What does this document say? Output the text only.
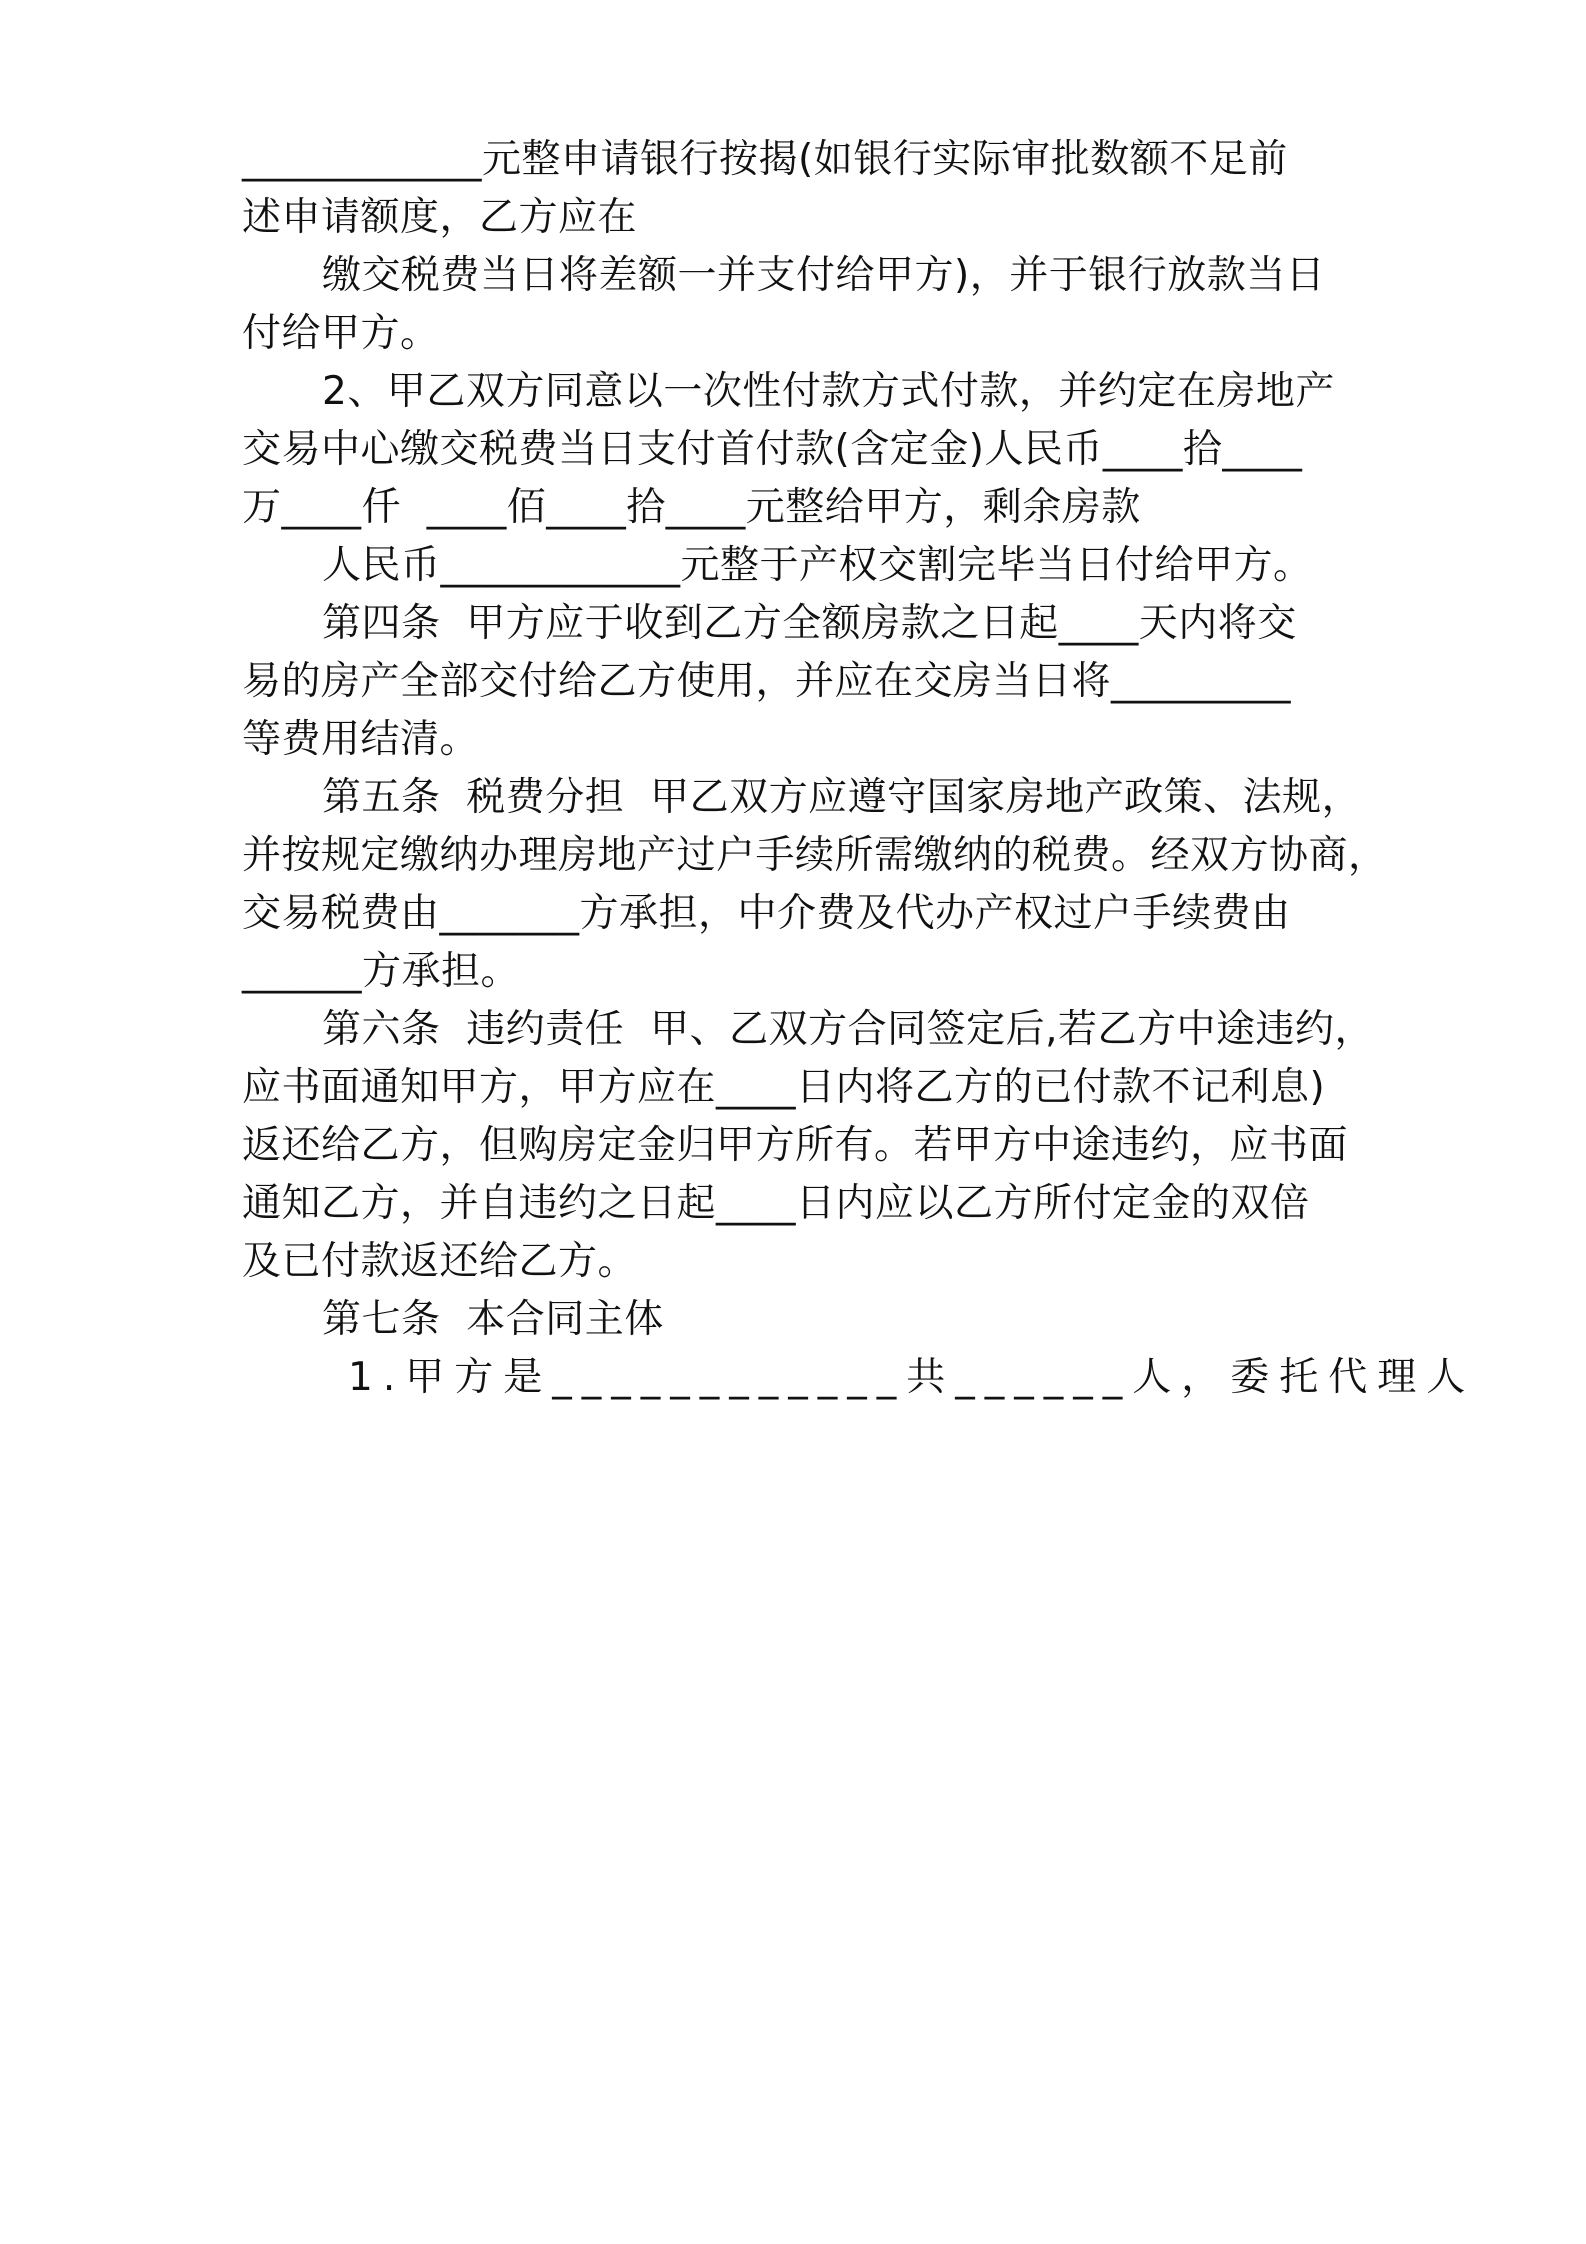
____________元整申请银行按揭(如银行实际审批数额不足前
述申请额度，乙方应在
缴交税费当日将差额一并支付给甲方)，并于银行放款当日
付给甲方。
2、甲乙双方同意以一次性付款方式付款，并约定在房地产
交易中心缴交税费当日支付首付款(含定金)人民币____拾____
万____仟  ____佰____拾____元整给甲方，剩余房款
人民币____________元整于产权交割完毕当日付给甲方。
第四条  甲方应于收到乙方全额房款之日起____天内将交
易的房产全部交付给乙方使用，并应在交房当日将_________
等费用结清。
第五条  税费分担  甲乙双方应遵守国家房地产政策、法规，
并按规定缴纳办理房地产过户手续所需缴纳的税费。经双方协商，
交易税费由_______方承担，中介费及代办产权过户手续费由
______方承担。
第六条  违约责任  甲、乙双方合同签定后,若乙方中途违约，
应书面通知甲方，甲方应在____日内将乙方的已付款不记利息)
返还给乙方，但购房定金归甲方所有。若甲方中途违约，应书面
通知乙方，并自违约之日起____日内应以乙方所付定金的双倍
及已付款返还给乙方。
第七条  本合同主体
1.甲方是____________共______人，委托代理人
